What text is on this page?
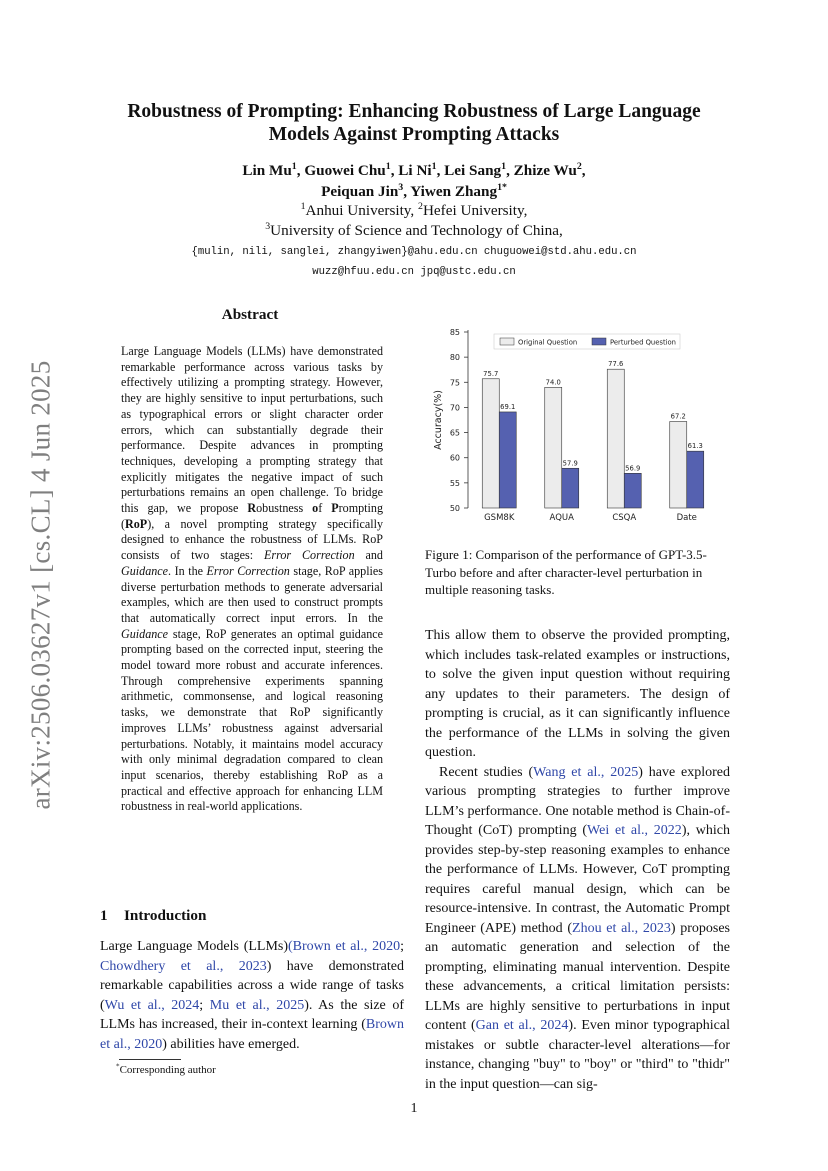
arXiv:2506.03627v1 [cs.CL] 4 Jun 2025
Robustness of Prompting: Enhancing Robustness of Large Language
Models Against Prompting Attacks
Lin Mu$^1$, Guowei Chu$^1$, Li Ni$^1$, Lei Sang$^1$, Zhize Wu$^2$,
Peiquan Jin$^3$, Yiwen Zhang$^{1*}$
$^1$Anhui University, $^2$Hefei University,
$^3$University of Science and Technology of China,
{mulin, nili, sanglei, zhangyiwen}@ahu.edu.cn chuguowei@std.ahu.edu.cn
wuzz@hfuu.edu.cn jpq@ustc.edu.cn
Abstract
Large Language Models (LLMs) have demonstrated remarkable performance across various tasks by effectively utilizing a prompting strategy. However, they are highly sensitive to input perturbations, such as typographical errors or slight character order errors, which can substantially degrade their performance. Despite advances in prompting techniques, developing a prompting strategy that explicitly mitigates the negative impact of such perturbations remains an open challenge. To bridge this gap, we propose Robustness of Prompting (RoP), a novel prompting strategy specifically designed to enhance the robustness of LLMs. RoP consists of two stages: Error Correction and Guidance. In the Error Correction stage, RoP applies diverse perturbation methods to generate adversarial examples, which are then used to construct prompts that automatically correct input errors. In the Guidance stage, RoP generates an optimal guidance prompting based on the corrected input, steering the model toward more robust and accurate inferences. Through comprehensive experiments spanning arithmetic, commonsense, and logical reasoning tasks, we demonstrate that RoP significantly improves LLMs’ robustness against adversarial perturbations. Notably, it maintains model accuracy with only minimal degradation compared to clean input scenarios, thereby establishing RoP as a practical and effective approach for enhancing LLM robustness in real-world applications.
1 Introduction
Large Language Models (LLMs)(Brown et al., 2020; Chowdhery et al., 2023) have demonstrated remarkable capabilities across a wide range of tasks (Wu et al., 2024; Mu et al., 2025). As the size of LLMs has increased, their in-context learning (Brown et al., 2020) abilities have emerged.
*Corresponding author
50
55
60
65
70
75
80
85
Accuracy(%)
GSM8K
75.7
69.1
AQUA
74.0
57.9
CSQA
77.6
56.9
Date
67.2
61.3
Original Question	Perturbed Question
Figure 1: Comparison of the performance of GPT-3.5-Turbo before and after character-level perturbation in multiple reasoning tasks.

This allow them to observe the provided prompting, which includes task-related examples or instructions, to solve the given input question without requiring any updates to their parameters. The design of prompting is crucial, as it can significantly influence the performance of the LLMs in solving the given question.

Recent studies (Wang et al., 2025) have explored various prompting strategies to further improve LLM’s performance. One notable method is Chain-of-Thought (CoT) prompting (Wei et al., 2022), which provides step-by-step reasoning examples to enhance the performance of LLMs. However, CoT prompting requires careful manual design, which can be resource-intensive. In contrast, the Automatic Prompt Engineer (APE) method (Zhou et al., 2023) proposes an automatic generation and selection of the prompting, eliminating manual intervention. Despite these advancements, a critical limitation persists: LLMs are highly sensitive to perturbations in input content (Gan et al., 2024). Even minor typographical mistakes or subtle character-level alterations—for instance, changing "buy" to "boy" or "third" to "thidr" in the input question—can sig-

1
